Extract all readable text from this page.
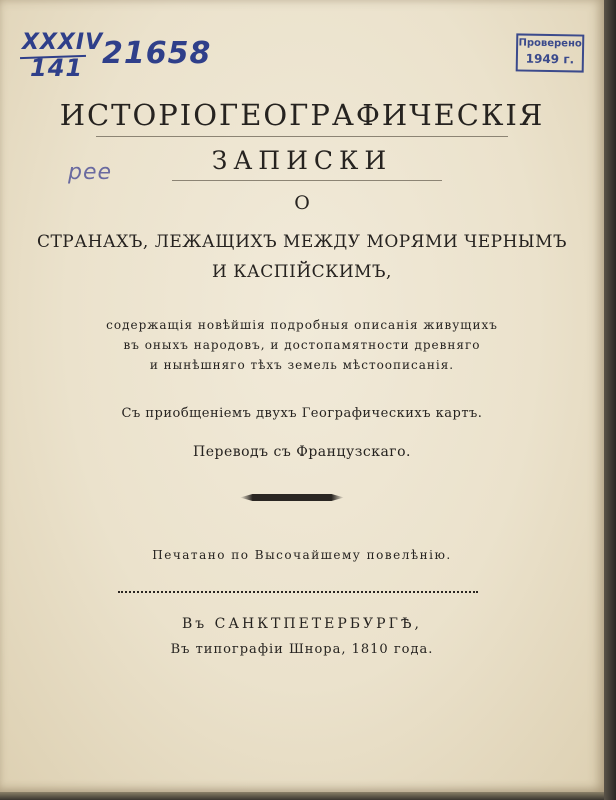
XXXIV
141 21658
рее
Проверено
1949 г.
ИСТОРІОГЕОГРАФИЧЕСКІЯ
ЗАПИСКИ
О
СТРАНАХЪ, ЛЕЖАЩИХЪ МЕЖДУ МОРЯМИ ЧЕРНЫМЪ
И КАСПІЙСКИМЪ,
содержащія новѣйшія подробныя описанія живущихъ
въ оныхъ народовъ, и достопамятности древняго
и нынѣшняго тѣхъ земель мѣстоописанія.
Съ приобщеніемъ двухъ Географическихъ картъ.
Переводъ съ Французскаго.
Печатано по Высочайшему повелѣнію.
Въ САНКТПЕТЕРБУРГѢ,
Въ типографіи Шнора, 1810 года.
